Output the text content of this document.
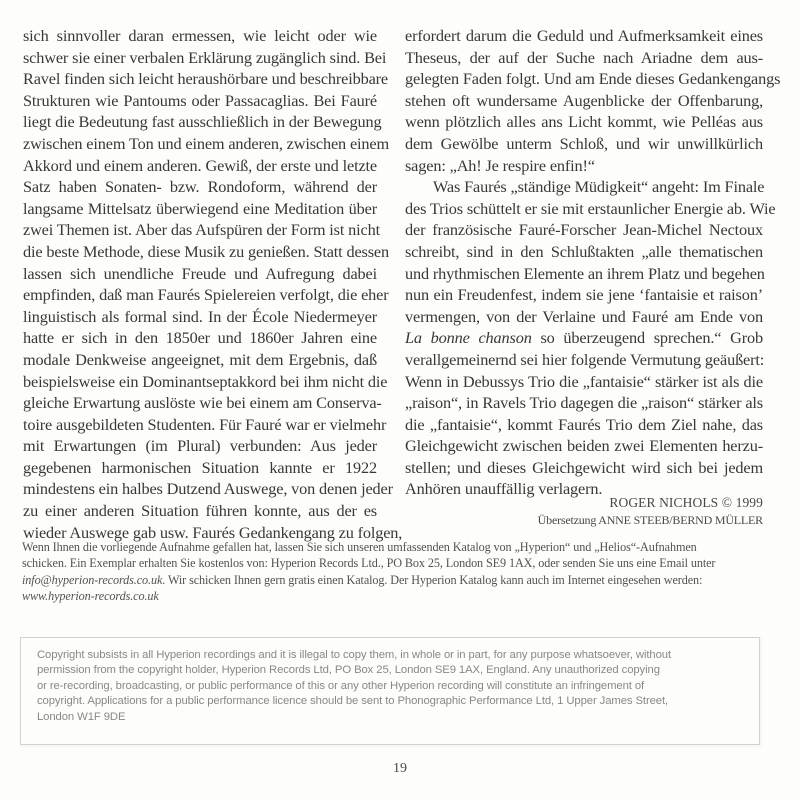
sich sinnvoller daran ermessen, wie leicht oder wie
schwer sie einer verbalen Erklärung zugänglich sind. Bei
Ravel finden sich leicht heraushörbare und beschreibbare
Strukturen wie Pantoums oder Passacaglias. Bei Fauré
liegt die Bedeutung fast ausschließlich in der Bewegung
zwischen einem Ton und einem anderen, zwischen einem
Akkord und einem anderen. Gewiß, der erste und letzte
Satz haben Sonaten- bzw. Rondoform, während der
langsame Mittelsatz überwiegend eine Meditation über
zwei Themen ist. Aber das Aufspüren der Form ist nicht
die beste Methode, diese Musik zu genießen. Statt dessen
lassen sich unendliche Freude und Aufregung dabei
empfinden, daß man Faurés Spielereien verfolgt, die eher
linguistisch als formal sind. In der École Niedermeyer
hatte er sich in den 1850er und 1860er Jahren eine
modale Denkweise angeeignet, mit dem Ergebnis, daß
beispielsweise ein Dominantseptakkord bei ihm nicht die
gleiche Erwartung auslöste wie bei einem am Conserva-
toire ausgebildeten Studenten. Für Fauré war er vielmehr
mit Erwartungen (im Plural) verbunden: Aus jeder
gegebenen harmonischen Situation kannte er 1922
mindestens ein halbes Dutzend Auswege, von denen jeder
zu einer anderen Situation führen konnte, aus der es
wieder Auswege gab usw. Faurés Gedankengang zu folgen,

erfordert darum die Geduld und Aufmerksamkeit eines
Theseus, der auf der Suche nach Ariadne dem aus-
gelegten Faden folgt. Und am Ende dieses Gedankengangs
stehen oft wundersame Augenblicke der Offenbarung,
wenn plötzlich alles ans Licht kommt, wie Pelléas aus
dem Gewölbe unterm Schloß, und wir unwillkürlich
sagen: „Ah! Je respire enfin!“

Was Faurés „ständige Müdigkeit“ angeht: Im Finale
des Trios schüttelt er sie mit erstaunlicher Energie ab. Wie
der französische Fauré-Forscher Jean-Michel Nectoux
schreibt, sind in den Schlußtakten „alle thematischen
und rhythmischen Elemente an ihrem Platz und begehen
nun ein Freudenfest, indem sie jene ‘fantaisie et raison’
vermengen, von der Verlaine und Fauré am Ende von
La bonne chanson so überzeugend sprechen.“ Grob
verallgemeinernd sei hier folgende Vermutung geäußert:
Wenn in Debussys Trio die „fantaisie“ stärker ist als die
„raison“, in Ravels Trio dagegen die „raison“ stärker als
die „fantaisie“, kommt Faurés Trio dem Ziel nahe, das
Gleichgewicht zwischen beiden zwei Elementen herzu-
stellen; und dieses Gleichgewicht wird sich bei jedem
Anhören unauffällig verlagern.

ROGER NICHOLS © 1999
Übersetzung ANNE STEEB/BERND MÜLLER
Wenn Ihnen die vorliegende Aufnahme gefallen hat, lassen Sie sich unseren umfassenden Katalog von „Hyperion“ und „Helios“-Aufnahmen
schicken. Ein Exemplar erhalten Sie kostenlos von: Hyperion Records Ltd., PO Box 25, London SE9 1AX, oder senden Sie uns eine Email unter
info@hyperion-records.co.uk. Wir schicken Ihnen gern gratis einen Katalog. Der Hyperion Katalog kann auch im Internet eingesehen werden:
www.hyperion-records.co.uk
Copyright subsists in all Hyperion recordings and it is illegal to copy them, in whole or in part, for any purpose whatsoever, without
permission from the copyright holder, Hyperion Records Ltd, PO Box 25, London SE9 1AX, England. Any unauthorized copying
or re-recording, broadcasting, or public performance of this or any other Hyperion recording will constitute an infringement of
copyright. Applications for a public performance licence should be sent to Phonographic Performance Ltd, 1 Upper James Street,
London W1F 9DE
19
